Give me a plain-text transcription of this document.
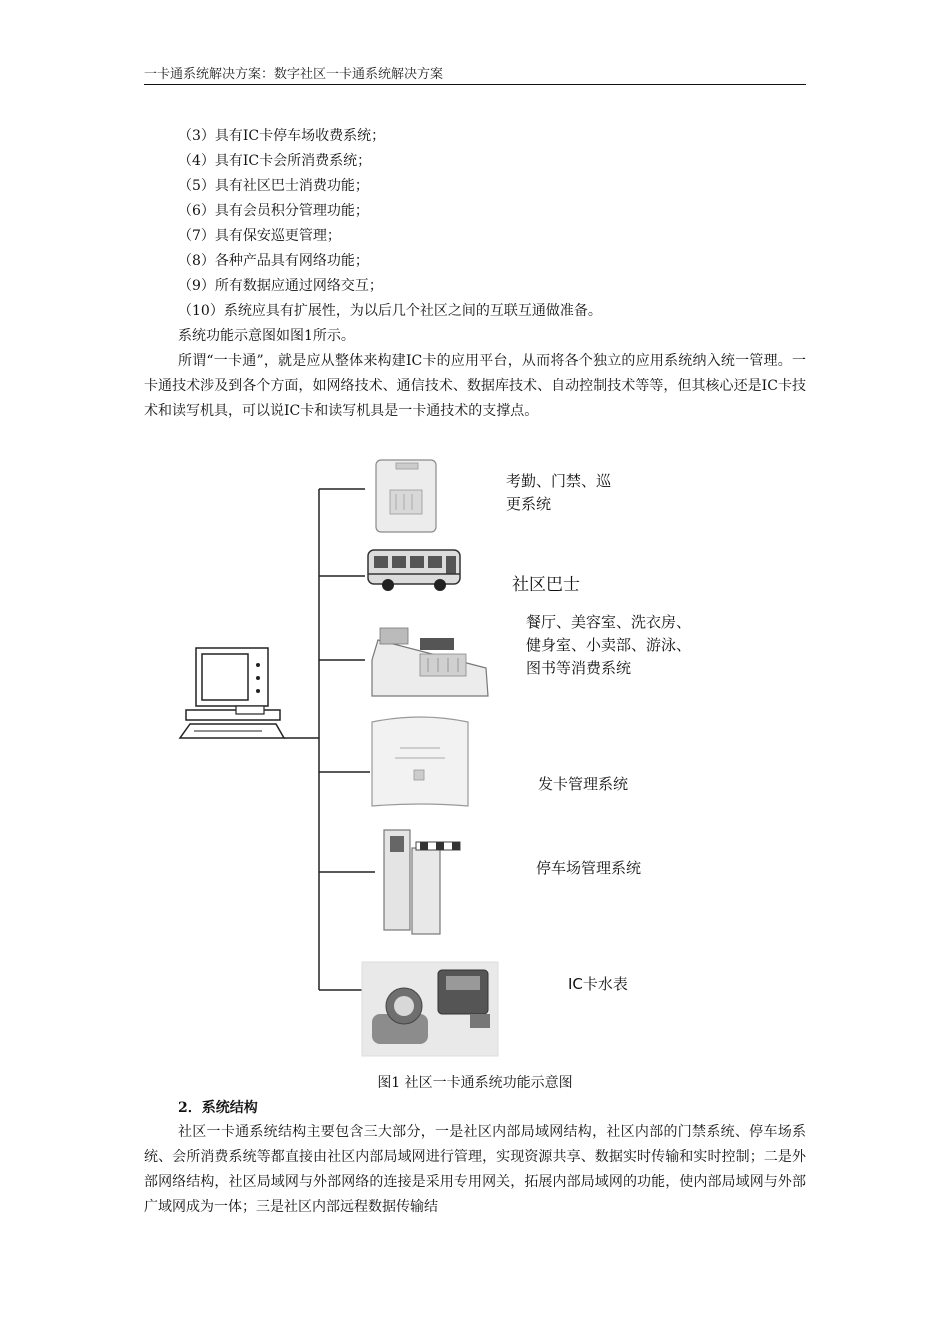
一卡通系统解决方案：数字社区一卡通系统解决方案
（3）具有IC卡停车场收费系统；
（4）具有IC卡会所消费系统；
（5）具有社区巴士消费功能；
（6）具有会员积分管理功能；
（7）具有保安巡更管理；
（8）各种产品具有网络功能；
（9）所有数据应通过网络交互；
（10）系统应具有扩展性，为以后几个社区之间的互联互通做准备。
系统功能示意图如图1所示。

所谓“一卡通”，就是应从整体来构建IC卡的应用平台，从而将各个独立的应用系统纳入统一管理。一卡通技术涉及到各个方面，如网络技术、通信技术、数据库技术、自动控制技术等等，但其核心还是IC卡技术和读写机具，可以说IC卡和读写机具是一卡通技术的支撑点。

考勤、门禁、巡
更系统
社区巴士
餐厅、美容室、洗衣房、
健身室、小卖部、游泳、
图书等消费系统
发卡管理系统
停车场管理系统
IC卡水表
图1 社区一卡通系统功能示意图
2．系统结构

社区一卡通系统结构主要包含三大部分，一是社区内部局域网结构，社区内部的门禁系统、停车场系统、会所消费系统等都直接由社区内部局域网进行管理，实现资源共享、数据实时传输和实时控制；二是外部网络结构，社区局域网与外部网络的连接是采用专用网关，拓展内部局域网的功能，使内部局域网与外部广域网成为一体；三是社区内部远程数据传输结
